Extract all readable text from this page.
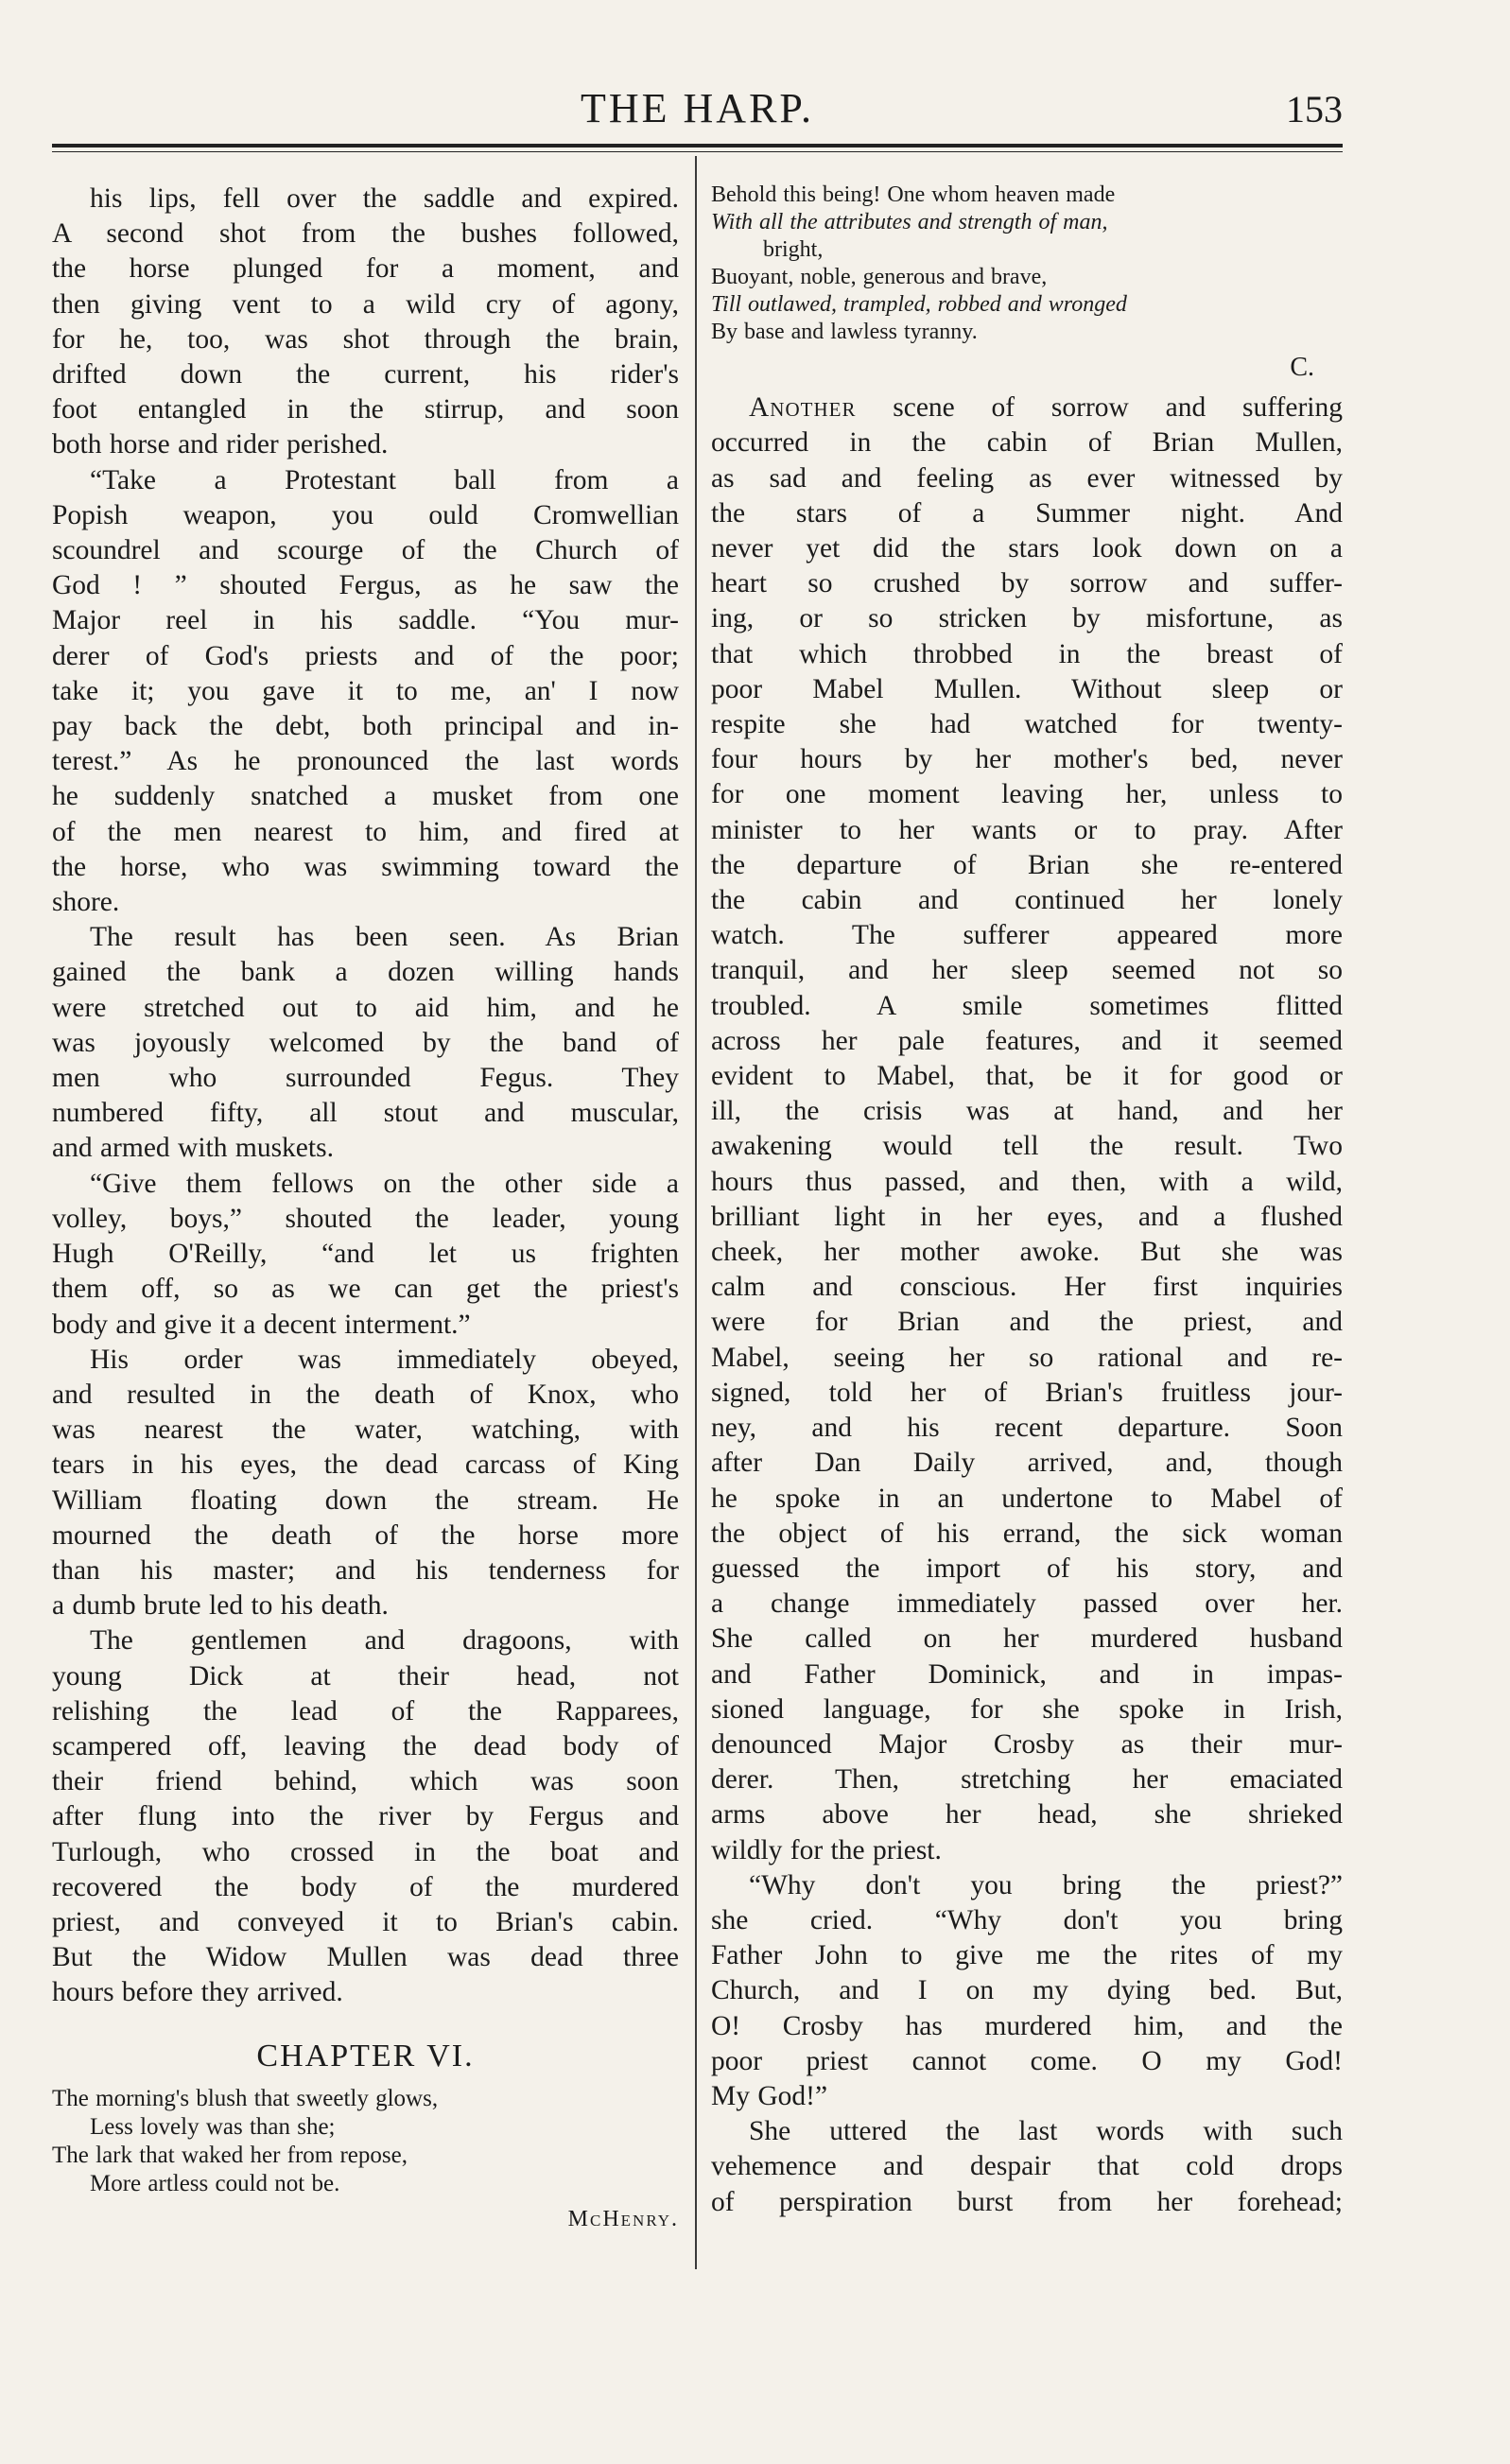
THE HARP.	153
his lips, fell over the saddle and expired.
A second shot from the bushes followed,
the horse plunged for a moment, and
then giving vent to a wild cry of agony,
for he, too, was shot through the brain,
drifted down the current, his rider's
foot entangled in the stirrup, and soon
both horse and rider perished.
“Take a Protestant ball from a
Popish weapon, you ould Cromwellian
scoundrel and scourge of the Church of
God ! ” shouted Fergus, as he saw the
Major reel in his saddle. “You mur-
derer of God's priests and of the poor;
take it; you gave it to me, an' I now
pay back the debt, both principal and in-
terest.” As he pronounced the last words
he suddenly snatched a musket from one
of the men nearest to him, and fired at
the horse, who was swimming toward the
shore.
The result has been seen. As Brian
gained the bank a dozen willing hands
were stretched out to aid him, and he
was joyously welcomed by the band of
men who surrounded Fegus. They
numbered fifty, all stout and muscular,
and armed with muskets.
“Give them fellows on the other side a
volley, boys,” shouted the leader, young
Hugh O'Reilly, “and let us frighten
them off, so as we can get the priest's
body and give it a decent interment.”
His order was immediately obeyed,
and resulted in the death of Knox, who
was nearest the water, watching, with
tears in his eyes, the dead carcass of King
William floating down the stream. He
mourned the death of the horse more
than his master; and his tenderness for
a dumb brute led to his death.
The gentlemen and dragoons, with
young Dick at their head, not
relishing the lead of the Rapparees,
scampered off, leaving the dead body of
their friend behind, which was soon
after flung into the river by Fergus and
Turlough, who crossed in the boat and
recovered the body of the murdered
priest, and conveyed it to Brian's cabin.
But the Widow Mullen was dead three
hours before they arrived.
CHAPTER VI.
The morning's blush that sweetly glows,
Less lovely was than she;
The lark that waked her from repose,
More artless could not be.
McHenry.
Behold this being! One whom heaven made
With all the attributes and strength of man,
bright,
Buoyant, noble, generous and brave,
Till outlawed, trampled, robbed and wronged
By base and lawless tyranny.
C.
Another scene of sorrow and suffering
occurred in the cabin of Brian Mullen,
as sad and feeling as ever witnessed by
the stars of a Summer night. And
never yet did the stars look down on a
heart so crushed by sorrow and suffer-
ing, or so stricken by misfortune, as
that which throbbed in the breast of
poor Mabel Mullen. Without sleep or
respite she had watched for twenty-
four hours by her mother's bed, never
for one moment leaving her, unless to
minister to her wants or to pray. After
the departure of Brian she re-entered
the cabin and continued her lonely
watch. The sufferer appeared more
tranquil, and her sleep seemed not so
troubled. A smile sometimes flitted
across her pale features, and it seemed
evident to Mabel, that, be it for good or
ill, the crisis was at hand, and her
awakening would tell the result. Two
hours thus passed, and then, with a wild,
brilliant light in her eyes, and a flushed
cheek, her mother awoke. But she was
calm and conscious. Her first inquiries
were for Brian and the priest, and
Mabel, seeing her so rational and re-
signed, told her of Brian's fruitless jour-
ney, and his recent departure. Soon
after Dan Daily arrived, and, though
he spoke in an undertone to Mabel of
the object of his errand, the sick woman
guessed the import of his story, and
a change immediately passed over her.
She called on her murdered husband
and Father Dominick, and in impas-
sioned language, for she spoke in Irish,
denounced Major Crosby as their mur-
derer. Then, stretching her emaciated
arms above her head, she shrieked
wildly for the priest.
“Why don't you bring the priest?”
she cried. “Why don't you bring
Father John to give me the rites of my
Church, and I on my dying bed. But,
O! Crosby has murdered him, and the
poor priest cannot come. O my God!
My God!”
She uttered the last words with such
vehemence and despair that cold drops
of perspiration burst from her forehead;
